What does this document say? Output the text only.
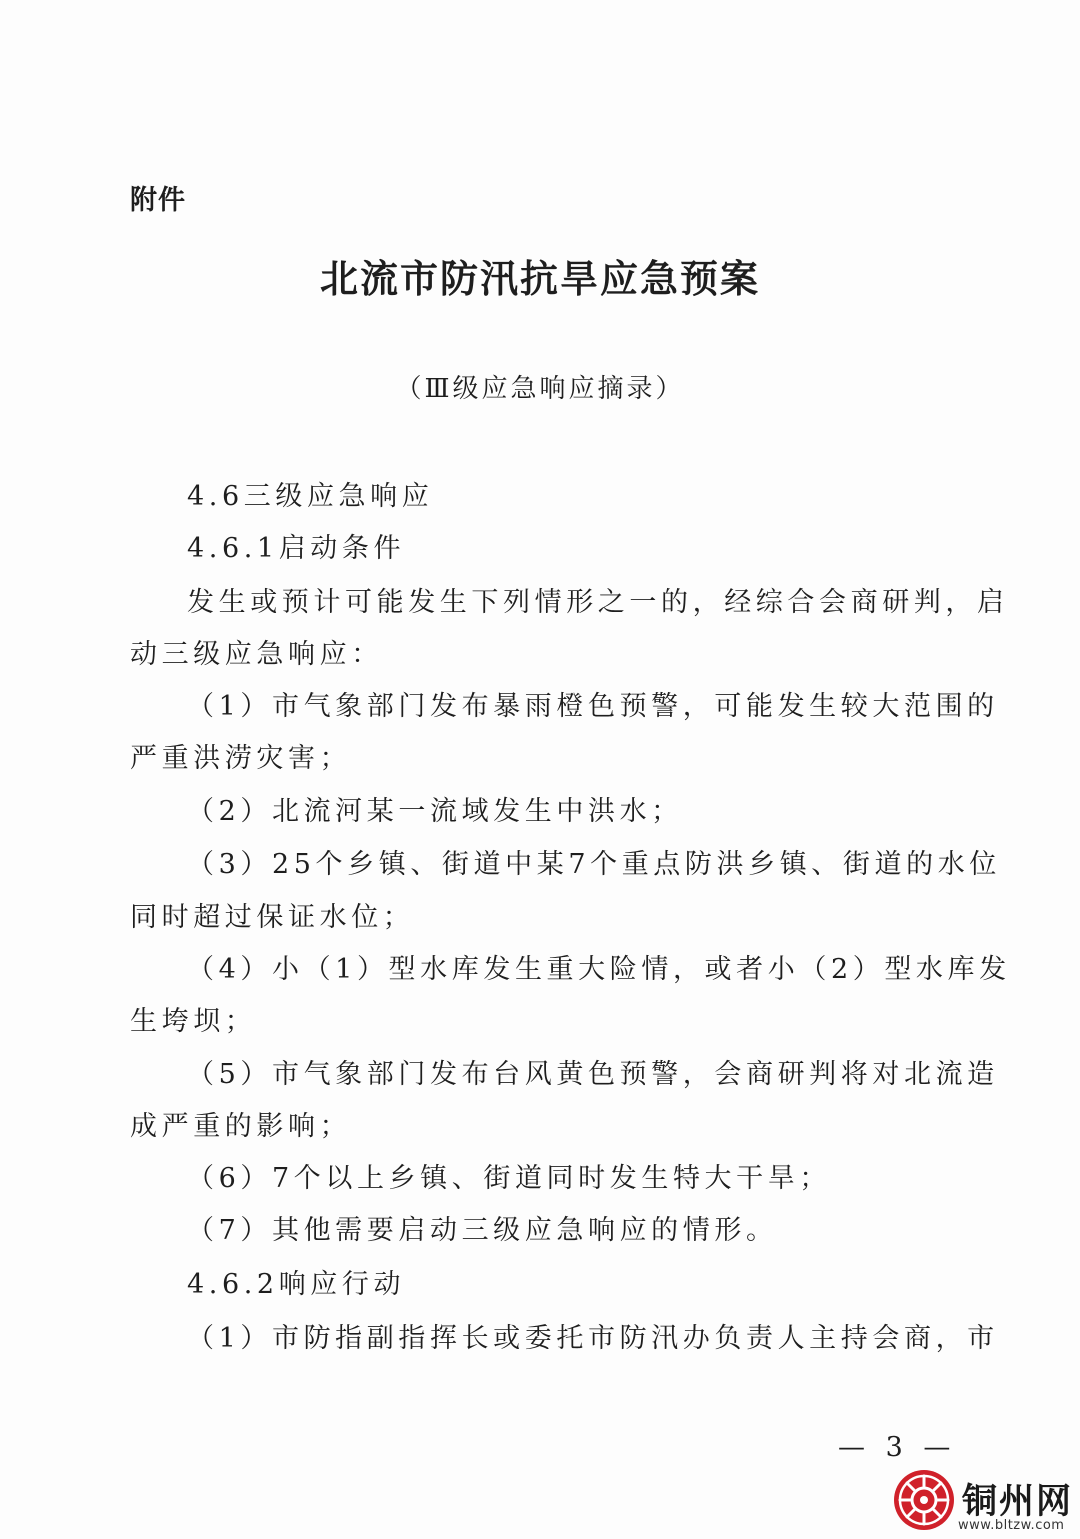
附件

北流市防汛抗旱应急预案

（Ⅲ级应急响应摘录）

4.6三级应急响应

4.6.1启动条件

发生或预计可能发生下列情形之一的，经综合会商研判，启

动三级应急响应：

（1）市气象部门发布暴雨橙色预警，可能发生较大范围的

严重洪涝灾害；

（2）北流河某一流域发生中洪水；

（3）25个乡镇、街道中某7个重点防洪乡镇、街道的水位

同时超过保证水位；

（4）小（1）型水库发生重大险情，或者小（2）型水库发

生垮坝；

（5）市气象部门发布台风黄色预警，会商研判将对北流造

成严重的影响；

（6）7个以上乡镇、街道同时发生特大干旱；

（7）其他需要启动三级应急响应的情形。

4.6.2响应行动

（1）市防指副指挥长或委托市防汛办负责人主持会商，市

— 3 —

铜州网

www.bltzw.com
